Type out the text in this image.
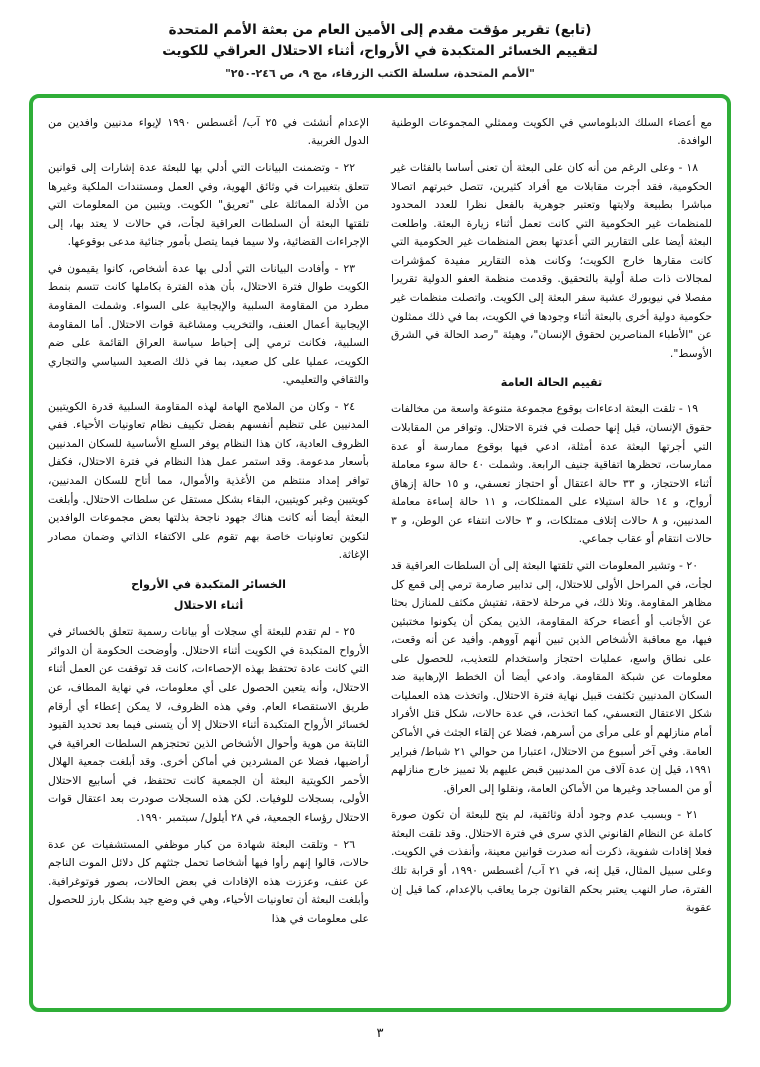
(تابع) تقرير مؤقت مقدم إلى الأمين العام من بعثة الأمم المتحدة
لتقييم الخسائر المتكبدة في الأرواح، أثناء الاحتلال العراقي للكويت
"الأمم المتحدة، سلسلة الكتب الزرقاء، مج ٩، ص ٢٤٦-٢٥٠"

مع أعضاء السلك الدبلوماسي في الكويت وممثلي المجموعات الوطنية الوافدة.

١٨ - وعلى الرغم من أنه كان على البعثة أن تعنى أساسا بالفئات غير الحكومية، فقد أجرت مقابلات مع أفراد كثيرين، تتصل خبرتهم اتصالا مباشرا بطبيعة ولايتها وتعتبر جوهرية بالفعل نظرا للعدد المحدود للمنظمات غير الحكومية التي كانت تعمل أثناء زيارة البعثة. واطلعت البعثة أيضا على التقارير التي أعدتها بعض المنظمات غير الحكومية التي كانت مقارها خارج الكويت؛ وكانت هذه التقارير مفيدة كمؤشرات لمجالات ذات صلة أولية بالتحقيق. وقدمت منظمة العفو الدولية تقريرا مفصلا في نيويورك عشية سفر البعثة إلى الكويت. واتصلت منظمات غير حكومية دولية أخرى بالبعثة أثناء وجودها في الكويت، بما في ذلك ممثلون عن "الأطباء المناصرين لحقوق الإنسان"، وهيئة "رصد الحالة في الشرق الأوسط".

تقييم الحالة العامة

١٩ - تلقت البعثة ادعاءات بوقوع مجموعة متنوعة واسعة من مخالفات حقوق الإنسان، قيل إنها حصلت في فترة الاحتلال. وتوافر من المقابلات التي أجرتها البعثة عدة أمثلة، ادعي فيها بوقوع ممارسة أو عدة ممارسات، تحظرها اتفاقية جنيف الرابعة. وشملت ٤٠ حالة سوء معاملة أثناء الاحتجاز، و ٣٣ حالة اعتقال أو احتجاز تعسفي، و ١٥ حالة إزهاق أرواح، و ١٤ حالة استيلاء على الممتلكات، و ١١ حالة إساءة معاملة المدنيين، و ٨ حالات إتلاف ممتلكات، و ٣ حالات انتفاء عن الوطن، و ٣ حالات انتقام أو عقاب جماعي.

٢٠ - وتشير المعلومات التي تلقتها البعثة إلى أن السلطات العراقية قد لجأت، في المراحل الأولى للاحتلال، إلى تدابير صارمة ترمي إلى قمع كل مظاهر المقاومة. وتلا ذلك، في مرحلة لاحقة، تفتيش مكثف للمنازل بحثا عن الأجانب أو أعضاء حركة المقاومة، الذين يمكن أن يكونوا مختبئين فيها، مع معاقبة الأشخاص الذين تبين أنهم آووهم. وأفيد عن أنه وقعت، على نطاق واسع، عمليات احتجاز واستخدام للتعذيب، للحصول على معلومات عن شبكة المقاومة. وادعي أيضا أن الخطط الإرهابية ضد السكان المدنيين تكثفت قبيل نهاية فترة الاحتلال. واتخذت هذه العمليات شكل الاعتقال التعسفي، كما اتخذت، في عدة حالات، شكل قتل الأفراد أمام منازلهم أو على مرأى من أسرهم، فضلا عن إلقاء الجثث في الأماكن العامة. وفي آخر أسبوع من الاحتلال، اعتبارا من حوالي ٢١ شباط/ فبراير ١٩٩١، قيل إن عدة آلاف من المدنيين قبض عليهم بلا تمييز خارج منازلهم أو من المساجد وغيرها من الأماكن العامة، ونقلوا إلى العراق.

٢١ - وبسبب عدم وجود أدلة وثائقية، لم يتح للبعثة أن تكون صورة كاملة عن النظام القانوني الذي سرى في فترة الاحتلال. وقد تلقت البعثة فعلا إفادات شفوية، ذكرت أنه صدرت قوانين معينة، وأنفذت في الكويت. وعلى سبيل المثال، قيل إنه، في ٢١ آب/ أغسطس ١٩٩٠، أو قرابة تلك الفترة، صار النهب يعتبر بحكم القانون جرما يعاقب بالإعدام، كما قيل إن عقوبة

الإعدام أنشئت في ٢٥ آب/ أغسطس ١٩٩٠ لإيواء مدنيين وافدين من الدول الغربية.

٢٢ - وتضمنت البيانات التي أدلي بها للبعثة عدة إشارات إلى قوانين تتعلق بتغييرات في وثائق الهوية، وفي العمل ومستندات الملكية وغيرها من الأدلة المماثلة على "تعريق" الكويت. ويتبين من المعلومات التي تلقتها البعثة أن السلطات العراقية لجأت، في حالات لا يعتد بها، إلى الإجراءات القضائية، ولا سيما فيما يتصل بأمور جنائية مدعى بوقوعها.

٢٣ - وأفادت البيانات التي أدلى بها عدة أشخاص، كانوا يقيمون في الكويت طوال فترة الاحتلال، بأن هذه الفترة بكاملها كانت تتسم بنمط مطرد من المقاومة السلبية والإيجابية على السواء. وشملت المقاومة الإيجابية أعمال العنف، والتخريب ومشاغبة قوات الاحتلال. أما المقاومة السلبية، فكانت ترمي إلى إحباط سياسة العراق القائمة على ضم الكويت، عمليا على كل صعيد، بما في ذلك الصعيد السياسي والتجاري والثقافي والتعليمي.

٢٤ - وكان من الملامح الهامة لهذه المقاومة السلبية قدرة الكويتيين المدنيين على تنظيم أنفسهم بفضل تكييف نظام تعاونيات الأحياء. ففي الظروف العادية، كان هذا النظام يوفر السلع الأساسية للسكان المدنيين بأسعار مدعومة. وقد استمر عمل هذا النظام في فترة الاحتلال، فكفل توافر إمداد منتظم من الأغذية والأموال، مما أتاح للسكان المدنيين، كويتيين وغير كويتيين، البقاء بشكل مستقل عن سلطات الاحتلال. وأبلغت البعثة أيضا أنه كانت هناك جهود ناجحة بذلتها بعض مجموعات الوافدين لتكوين تعاونيات خاصة بهم تقوم على الاكتفاء الذاتي وضمان مصادر الإغاثة.

الخسائر المتكبدة في الأرواح

أثناء الاحتلال

٢٥ - لم تقدم للبعثة أي سجلات أو بيانات رسمية تتعلق بالخسائر في الأرواح المتكبدة في الكويت أثناء الاحتلال. وأوضحت الحكومة أن الدوائر التي كانت عادة تحتفظ بهذه الإحصاءات، كانت قد توقفت عن العمل أثناء الاحتلال، وأنه يتعين الحصول على أي معلومات، في نهاية المطاف، عن طريق الاستقصاء العام. وفي هذه الظروف، لا يمكن إعطاء أي أرقام لخسائر الأرواح المتكبدة أثناء الاحتلال إلا أن يتسنى فيما بعد تحديد القيود الثابتة من هوية وأحوال الأشخاص الذين تحتجزهم السلطات العراقية في أراضيها، فضلا عن المشردين في أماكن أخرى. وقد أبلغت جمعية الهلال الأحمر الكويتية البعثة أن الجمعية كانت تحتفظ، في أسابيع الاحتلال الأولى، بسجلات للوفيات. لكن هذه السجلات صودرت بعد اعتقال قوات الاحتلال رؤساء الجمعية، في ٢٨ أيلول/ سبتمبر ١٩٩٠.

٢٦ - وتلقت البعثة شهادة من كبار موظفي المستشفيات عن عدة حالات، قالوا إنهم رأوا فيها أشخاصا تحمل جثثهم كل دلائل الموت الناجم عن عنف، وعززت هذه الإفادات في بعض الحالات، بصور فوتوغرافية. وأبلغت البعثة أن تعاونيات الأحياء، وهي في وضع جيد بشكل بارز للحصول على معلومات في هذا

٣
